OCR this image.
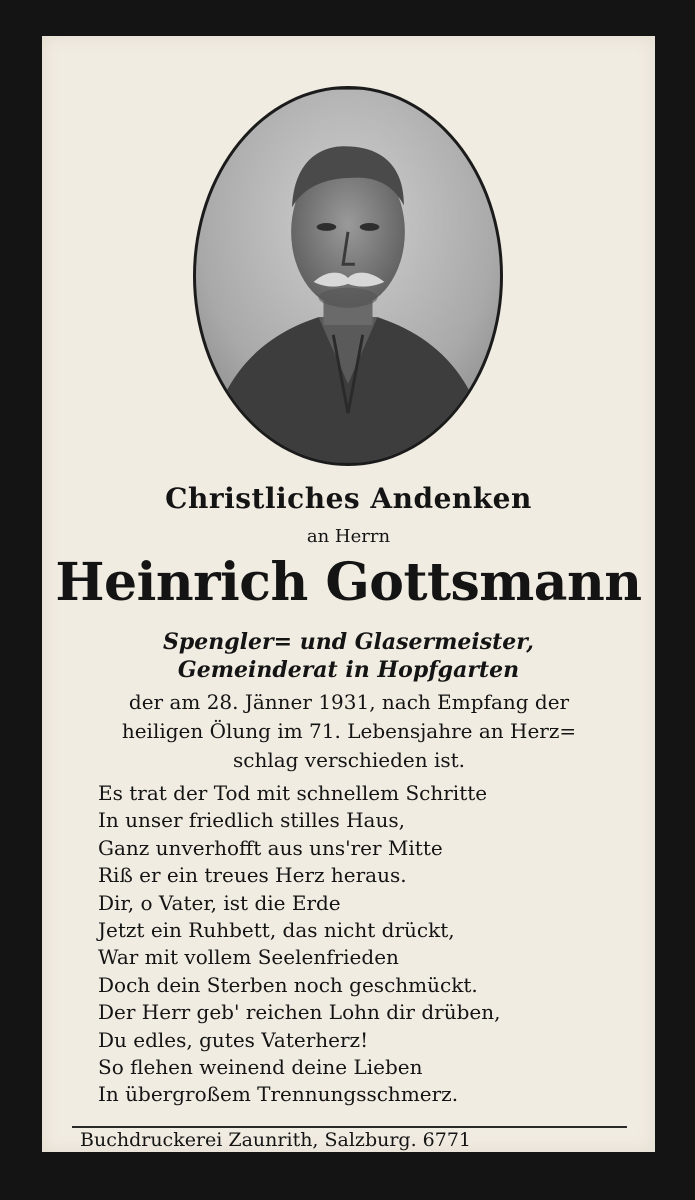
Christliches Andenken
an Herrn
Heinrich Gottsmann
Spengler= und Glasermeister,
Gemeinderat in Hopfgarten
der am 28. Jänner 1931, nach Empfang der
heiligen Ölung im 71. Lebensjahre an Herz=
schlag verschieden ist.
Es trat der Tod mit schnellem Schritte
In unser friedlich stilles Haus,
Ganz unverhofft aus uns'rer Mitte
Riß er ein treues Herz heraus.
Dir, o Vater, ist die Erde
Jetzt ein Ruhbett, das nicht drückt,
War mit vollem Seelenfrieden
Doch dein Sterben noch geschmückt.
Der Herr geb' reichen Lohn dir drüben,
Du edles, gutes Vaterherz!
So flehen weinend deine Lieben
In übergroßem Trennungsschmerz.
Buchdruckerei Zaunrith, Salzburg. 6771
